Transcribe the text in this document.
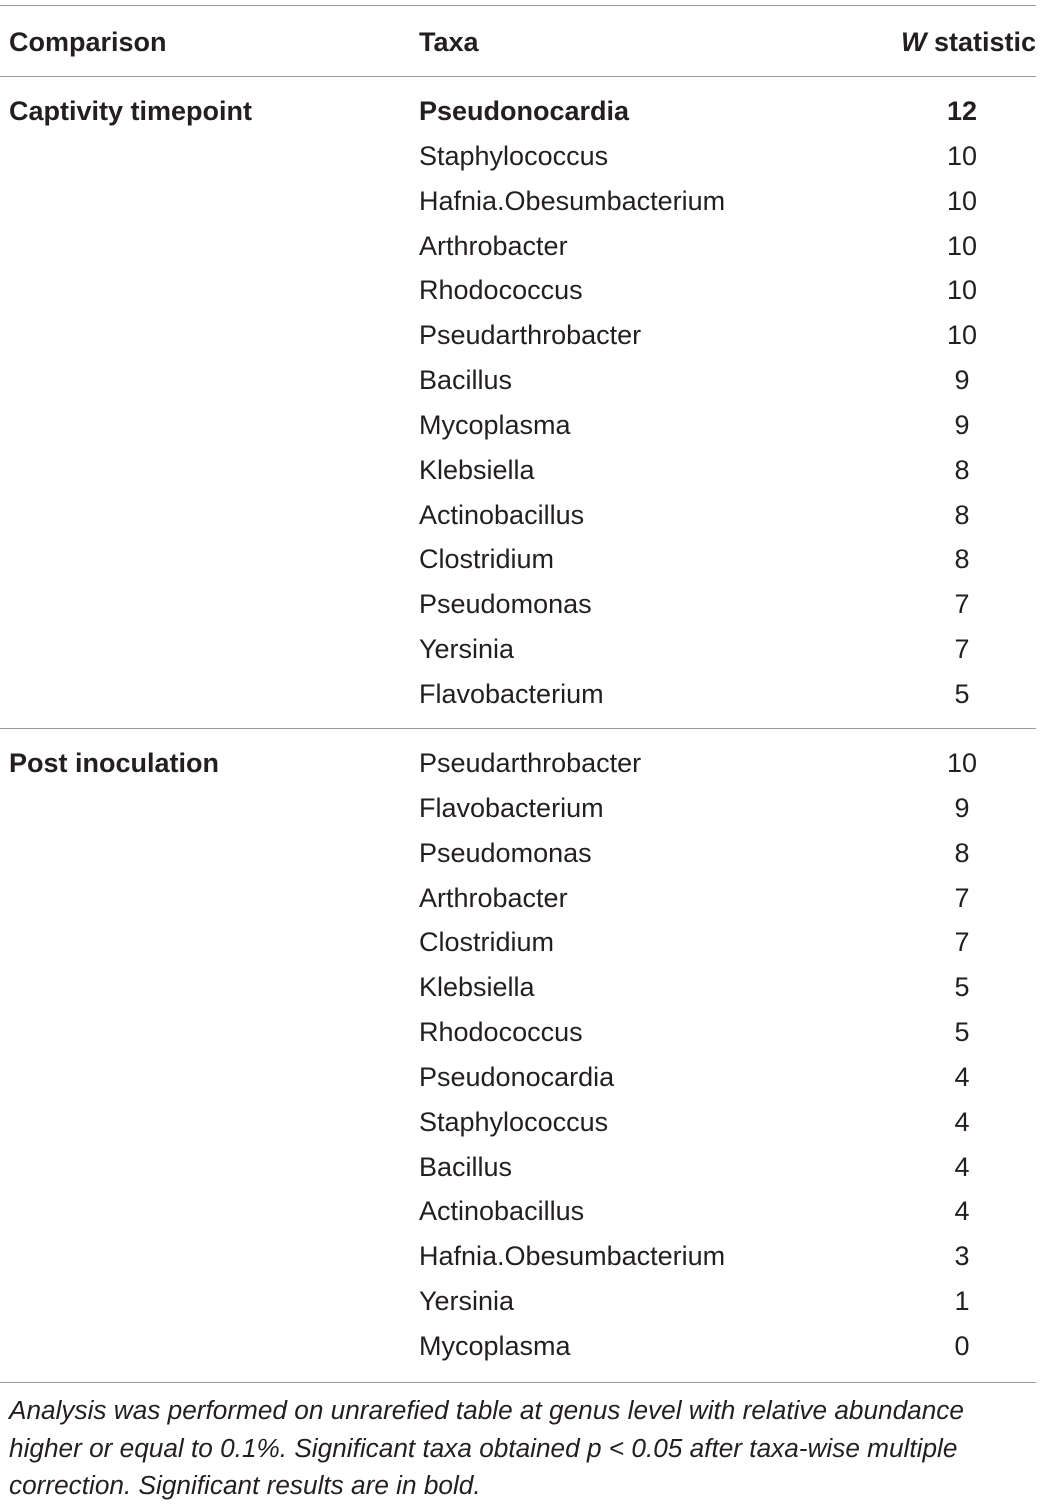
Comparison	Taxa	W statistic
Captivity timepoint	Pseudonocardia	12
Staphylococcus	10
Hafnia.Obesumbacterium	10
Arthrobacter	10
Rhodococcus	10
Pseudarthrobacter	10
Bacillus	9
Mycoplasma	9
Klebsiella	8
Actinobacillus	8
Clostridium	8
Pseudomonas	7
Yersinia	7
Flavobacterium	5
Post inoculation	Pseudarthrobacter	10
Flavobacterium	9
Pseudomonas	8
Arthrobacter	7
Clostridium	7
Klebsiella	5
Rhodococcus	5
Pseudonocardia	4
Staphylococcus	4
Bacillus	4
Actinobacillus	4
Hafnia.Obesumbacterium	3
Yersinia	1
Mycoplasma	0
Analysis was performed on unrarefied table at genus level with relative abundance higher or equal to 0.1%. Significant taxa obtained p < 0.05 after taxa-wise multiple correction. Significant results are in bold.
